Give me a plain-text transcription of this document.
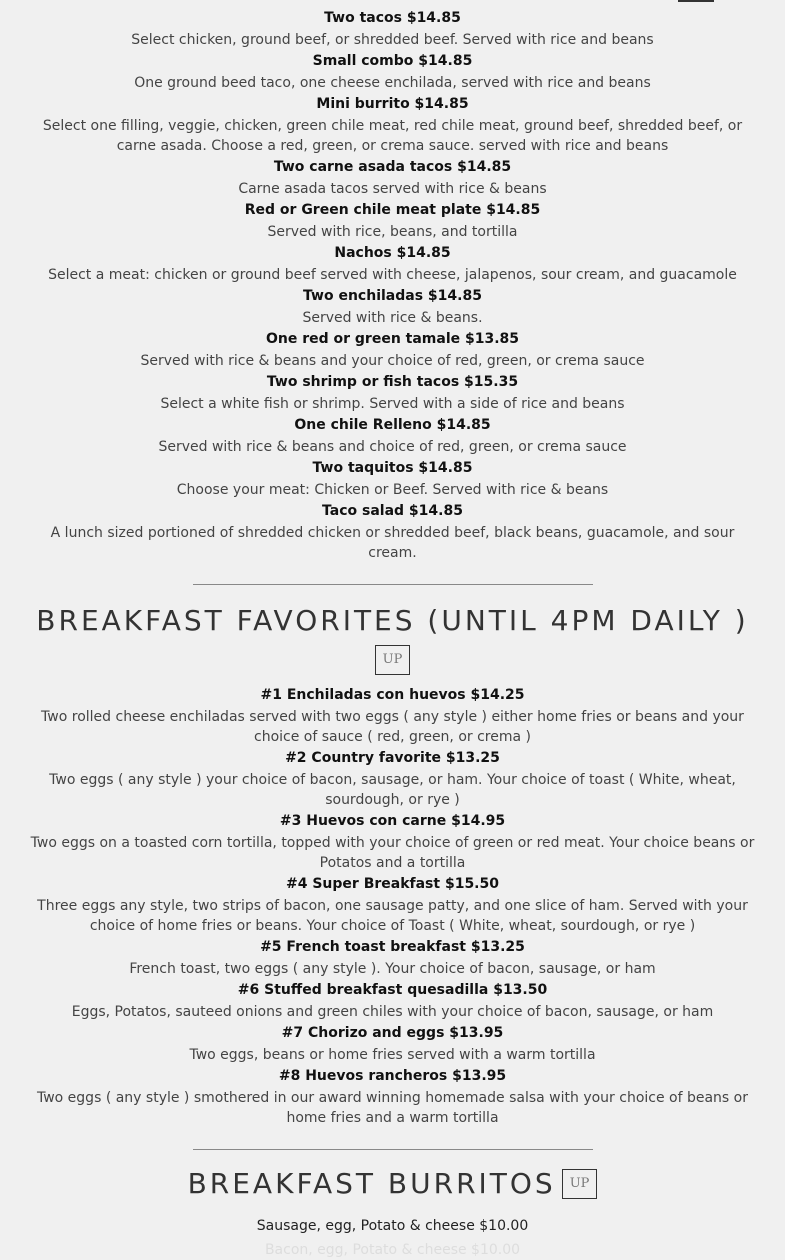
Two tacos $14.85
Select chicken, ground beef, or shredded beef. Served with rice and beans
Small combo $14.85
One ground beed taco, one cheese enchilada, served with rice and beans
Mini burrito $14.85
Select one filling, veggie, chicken, green chile meat, red chile meat, ground beef, shredded beef, or carne asada. Choose a red, green, or crema sauce. served with rice and beans
Two carne asada tacos $14.85
Carne asada tacos served with rice & beans
Red or Green chile meat plate $14.85
Served with rice, beans, and tortilla
Nachos $14.85
Select a meat: chicken or ground beef served with cheese, jalapenos, sour cream, and guacamole
Two enchiladas $14.85
Served with rice & beans.
One red or green tamale $13.85
Served with rice & beans and your choice of red, green, or crema sauce
Two shrimp or fish tacos $15.35
Select a white fish or shrimp. Served with a side of rice and beans
One chile Relleno $14.85
Served with rice & beans and choice of red, green, or crema sauce
Two taquitos $14.85
Choose your meat: Chicken or Beef. Served with rice & beans
Taco salad $14.85
A lunch sized portioned of shredded chicken or shredded beef, black beans, guacamole, and sour cream.
BREAKFAST FAVORITES (UNTIL 4PM DAILY )
UP
#1 Enchiladas con huevos $14.25
Two rolled cheese enchiladas served with two eggs ( any style ) either home fries or beans and your choice of sauce ( red, green, or crema )
#2 Country favorite $13.25
Two eggs ( any style ) your choice of bacon, sausage, or ham. Your choice of toast ( White, wheat, sourdough, or rye )
#3 Huevos con carne $14.95
Two eggs on a toasted corn tortilla, topped with your choice of green or red meat. Your choice beans or Potatos and a tortilla
#4 Super Breakfast $15.50
Three eggs any style, two strips of bacon, one sausage patty, and one slice of ham. Served with your choice of home fries or beans. Your choice of Toast ( White, wheat, sourdough, or rye )
#5 French toast breakfast $13.25
French toast, two eggs ( any style ). Your choice of bacon, sausage, or ham
#6 Stuffed breakfast quesadilla $13.50
Eggs, Potatos, sauteed onions and green chiles with your choice of bacon, sausage, or ham
#7 Chorizo and eggs $13.95
Two eggs, beans or home fries served with a warm tortilla
#8 Huevos rancheros $13.95
Two eggs ( any style ) smothered in our award winning homemade salsa with your choice of beans or home fries and a warm tortilla
BREAKFAST BURRITOS UP
Sausage, egg, Potato & cheese $10.00
Bacon, egg, Potato & cheese $10.00
